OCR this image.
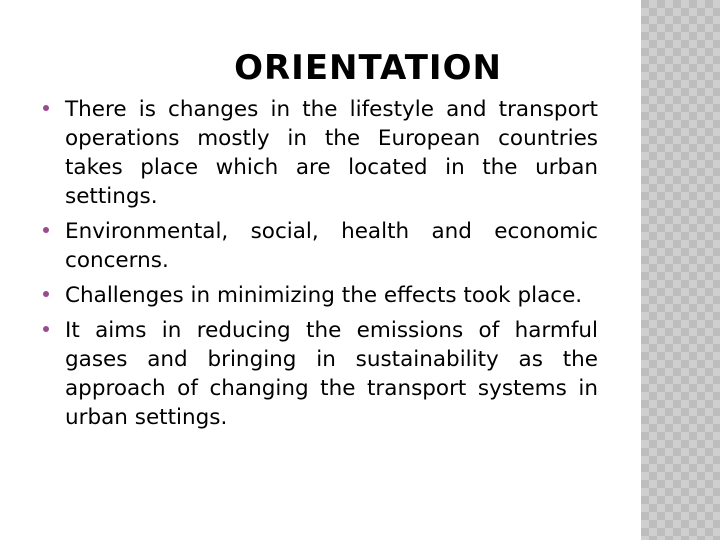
ORIENTATION
There is changes in the lifestyle and transport operations mostly in the European countries takes place which are located in the urban settings.
Environmental, social, health and economic concerns.
Challenges in minimizing the effects took place.
It aims in reducing the emissions of harmful gases and bringing in sustainability as the approach of changing the transport systems in urban settings.
